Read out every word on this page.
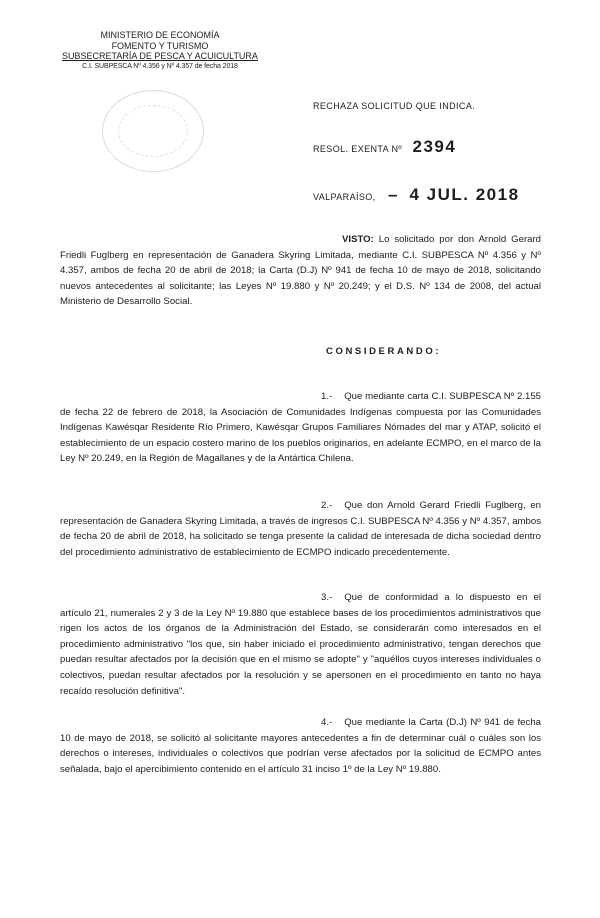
MINISTERIO DE ECONOMÍA
FOMENTO Y TURISMO
SUBSECRETARÍA DE PESCA Y ACUICULTURA
C.I. SUBPESCA Nº 4.356 y Nº 4.357 de fecha 2018
RECHAZA SOLICITUD QUE INDICA.
RESOL. EXENTA Nº 2394
VALPARAÍSO, – 4 JUL. 2018

VISTO: Lo solicitado por don Arnold Gerard Friedli Fuglberg en representación de Ganadera Skyring Limitada, mediante C.I. SUBPESCA Nº 4.356 y Nº 4.357, ambos de fecha 20 de abril de 2018; la Carta (D.J) Nº 941 de fecha 10 de mayo de 2018, solicitando nuevos antecedentes al solicitante; las Leyes Nº 19.880 y Nº 20.249; y el D.S. Nº 134 de 2008, del actual Ministerio de Desarrollo Social.

CONSIDERANDO:

1.- Que mediante carta C.I. SUBPESCA Nº 2.155 de fecha 22 de febrero de 2018, la Asociación de Comunidades Indígenas compuesta por las Comunidades Indígenas Kawésqar Residente Río Primero, Kawésqar Grupos Familiares Nómades del mar y ATAP, solicitó el establecimiento de un espacio costero marino de los pueblos originarios, en adelante ECMPO, en el marco de la Ley Nº 20.249, en la Región de Magallanes y de la Antártica Chilena.

2.- Que don Arnold Gerard Friedli Fuglberg, en representación de Ganadera Skyring Limitada, a través de ingresos C.I. SUBPESCA Nº 4.356 y Nº 4.357, ambos de fecha 20 de abril de 2018, ha solicitado se tenga presente la calidad de interesada de dicha sociedad dentro del procedimiento administrativo de establecimiento de ECMPO indicado precedentemente.

3.- Que de conformidad a lo dispuesto en el artículo 21, numerales 2 y 3 de la Ley Nº 19.880 que establece bases de los procedimientos administrativos que rigen los actos de los órganos de la Administración del Estado, se considerarán como interesados en el procedimiento administrativo "los que, sin haber iniciado el procedimiento administrativo, tengan derechos que puedan resultar afectados por la decisión que en el mismo se adopte" y "aquéllos cuyos intereses individuales o colectivos, puedan resultar afectados por la resolución y se apersonen en el procedimiento en tanto no haya recaído resolución definitiva".

4.- Que mediante la Carta (D.J) Nº 941 de fecha 10 de mayo de 2018, se solicitó al solicitante mayores antecedentes a fin de determinar cuál o cuáles son los derechos o intereses, individuales o colectivos que podrían verse afectados por la solicitud de ECMPO antes señalada, bajo el apercibimiento contenido en el artículo 31 inciso 1º de la Ley Nº 19.880.
